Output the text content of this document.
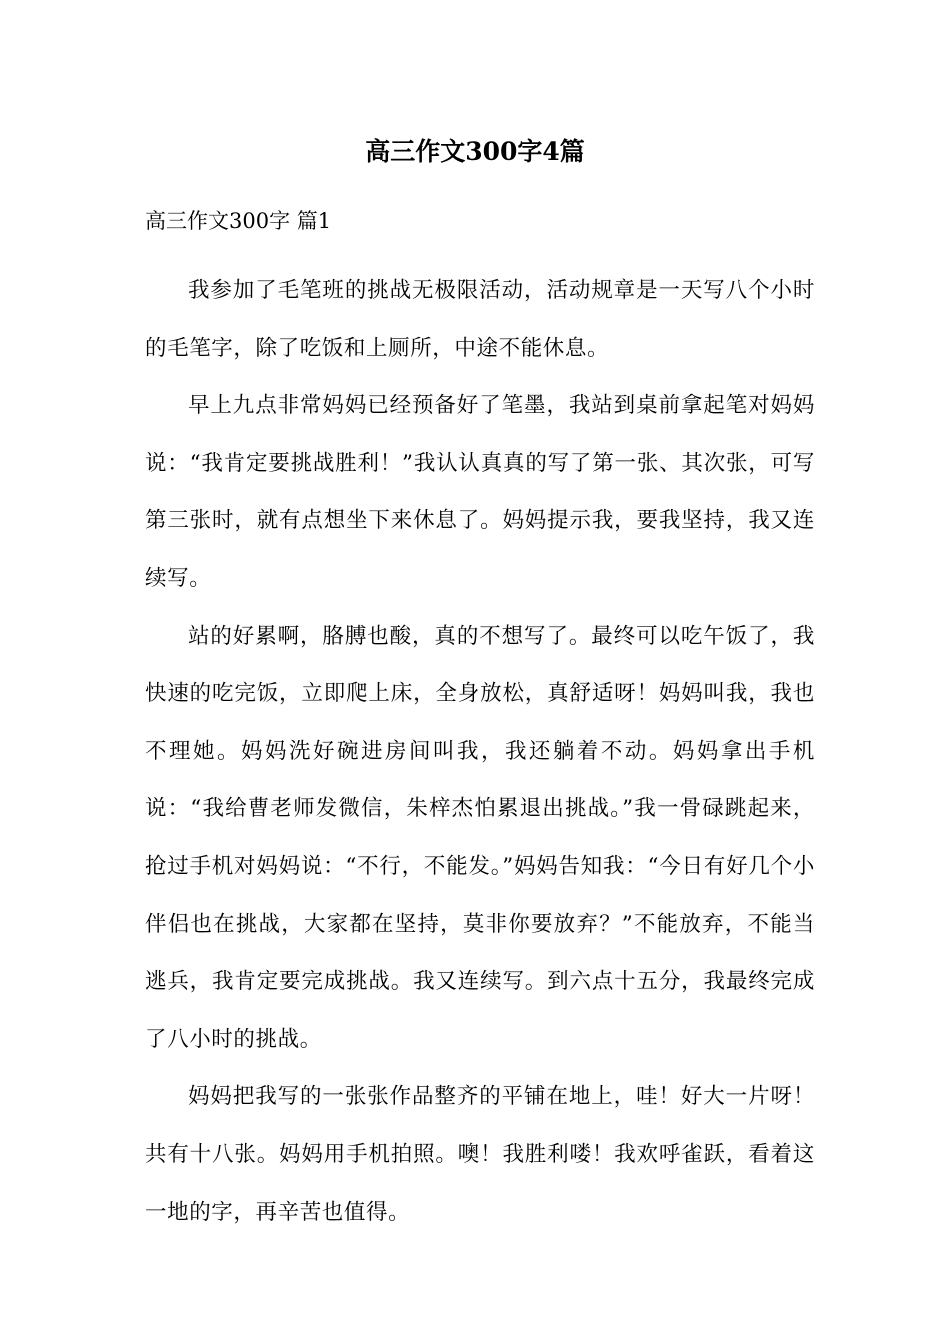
高三作文300字4篇
高三作文300字 篇1

我参加了毛笔班的挑战无极限活动，活动规章是一天写八个小时的毛笔字，除了吃饭和上厕所，中途不能休息。

早上九点非常妈妈已经预备好了笔墨，我站到桌前拿起笔对妈妈说：“我肯定要挑战胜利！”我认认真真的写了第一张、其次张，可写第三张时，就有点想坐下来休息了。妈妈提示我，要我坚持，我又连续写。

站的好累啊，胳膊也酸，真的不想写了。最终可以吃午饭了，我快速的吃完饭，立即爬上床，全身放松，真舒适呀！妈妈叫我，我也不理她。妈妈洗好碗进房间叫我，我还躺着不动。妈妈拿出手机说：“我给曹老师发微信，朱梓杰怕累退出挑战。”我一骨碌跳起来，抢过手机对妈妈说：“不行，不能发。”妈妈告知我：“今日有好几个小伴侣也在挑战，大家都在坚持，莫非你要放弃？”不能放弃，不能当逃兵，我肯定要完成挑战。我又连续写。到六点十五分，我最终完成了八小时的挑战。

妈妈把我写的一张张作品整齐的平铺在地上，哇！好大一片呀！共有十八张。妈妈用手机拍照。噢！我胜利喽！我欢呼雀跃，看着这一地的字，再辛苦也值得。
